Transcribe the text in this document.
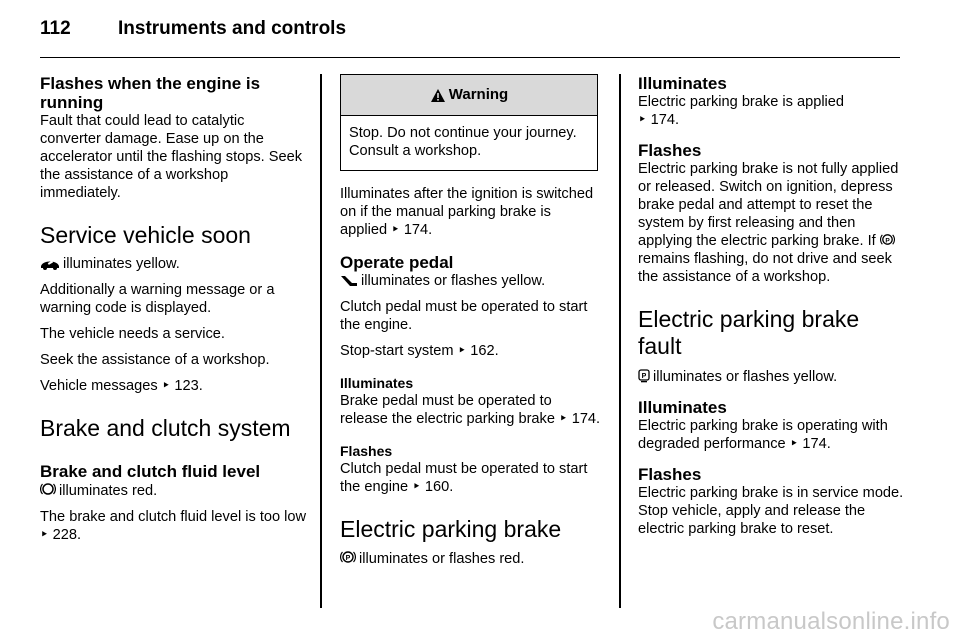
112 Instruments and controls
Flashes when the engine is running

Fault that could lead to catalytic converter damage. Ease up on the accelerator until the flashing stops. Seek the assistance of a workshop immediately.

Service vehicle soon

illuminates yellow.

Additionally a warning message or a warning code is displayed.

The vehicle needs a service.

Seek the assistance of a workshop.

Vehicle messages ‣ 123.

Brake and clutch system
Brake and clutch fluid level

illuminates red.

The brake and clutch fluid level is too low ‣ 228.

Warning
Stop. Do not continue your journey. Consult a workshop.

Illuminates after the ignition is switched on if the manual parking brake is applied ‣ 174.

Operate pedal

illuminates or flashes yellow.

Clutch pedal must be operated to start the engine.

Stop-start system ‣ 162.

Illuminates

Brake pedal must be operated to release the electric parking brake ‣ 174.

Flashes

Clutch pedal must be operated to start the engine ‣ 160.

Electric parking brake

P illuminates or flashes red.

Illuminates

Electric parking brake is applied
‣ 174.

Flashes

Electric parking brake is not fully applied or released. Switch on ignition, depress brake pedal and attempt to reset the system by first releasing and then applying the electric parking brake. If P
remains flashing, do not drive and seek the assistance of a workshop.

Electric parking brake fault

P illuminates or flashes yellow.

Illuminates

Electric parking brake is operating with degraded performance ‣ 174.

Flashes

Electric parking brake is in service mode. Stop vehicle, apply and release the electric parking brake to reset.

carmanualsonline.info
